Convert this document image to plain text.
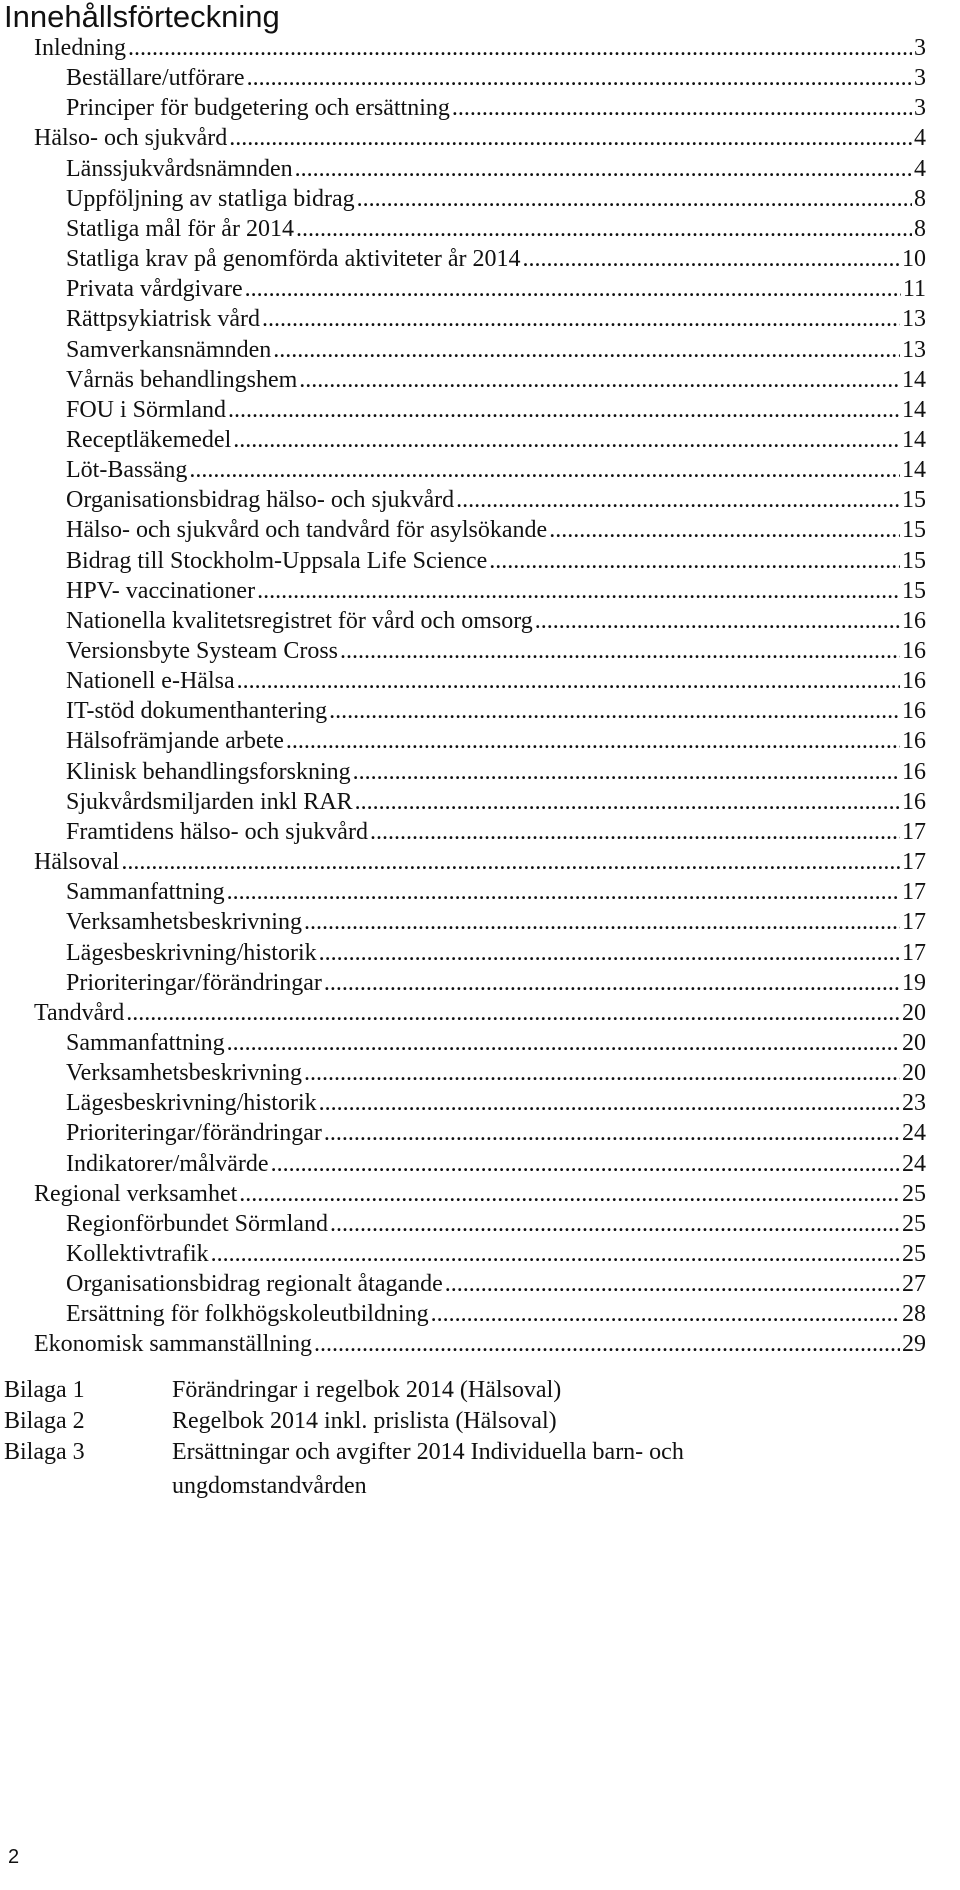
Innehållsförteckning
Inledning . . .	3
Beställare/utförare . . .	3
Principer för budgetering och ersättning . . .	3
Hälso- och sjukvård . . .	4
Länssjukvårdsnämnden . . .	4
Uppföljning av statliga bidrag . . .	8
Statliga mål för år 2014 . . .	8
Statliga krav på genomförda aktiviteter år 2014 . . .	10
Privata vårdgivare . . .	11
Rättpsykiatrisk vård . . .	13
Samverkansnämnden . . .	13
Vårnäs behandlingshem . . .	14
FOU i Sörmland . . .	14
Receptläkemedel . . .	14
Löt-Bassäng . . .	14
Organisationsbidrag hälso- och sjukvård . . .	15
Hälso- och sjukvård och tandvård för asylsökande . . .	15
Bidrag till Stockholm-Uppsala Life Science . . .	15
HPV- vaccinationer . . .	15
Nationella kvalitetsregistret för vård och omsorg . . .	16
Versionsbyte Systeam Cross . . .	16
Nationell e-Hälsa . . .	16
IT-stöd dokumenthantering . . .	16
Hälsofrämjande arbete . . .	16
Klinisk behandlingsforskning . . .	16
Sjukvårdsmiljarden inkl RAR . . .	16
Framtidens hälso- och sjukvård . . .	17
Hälsoval . . .	17
Sammanfattning . . .	17
Verksamhetsbeskrivning . . .	17
Lägesbeskrivning/historik . . .	17
Prioriteringar/förändringar . . .	19
Tandvård . . .	20
Sammanfattning . . .	20
Verksamhetsbeskrivning . . .	20
Lägesbeskrivning/historik . . .	23
Prioriteringar/förändringar . . .	24
Indikatorer/målvärde . . .	24
Regional verksamhet . . .	25
Regionförbundet Sörmland . . .	25
Kollektivtrafik . . .	25
Organisationsbidrag regionalt åtagande . . .	27
Ersättning för folkhögskoleutbildning . . .	28
Ekonomisk sammanställning . . .	29
Bilaga 1	Förändringar i regelbok 2014 (Hälsoval)
Bilaga 2	Regelbok 2014 inkl. prislista (Hälsoval)
Bilaga 3	Ersättningar och avgifter 2014 Individuella barn- och ungdomstandvården
2
